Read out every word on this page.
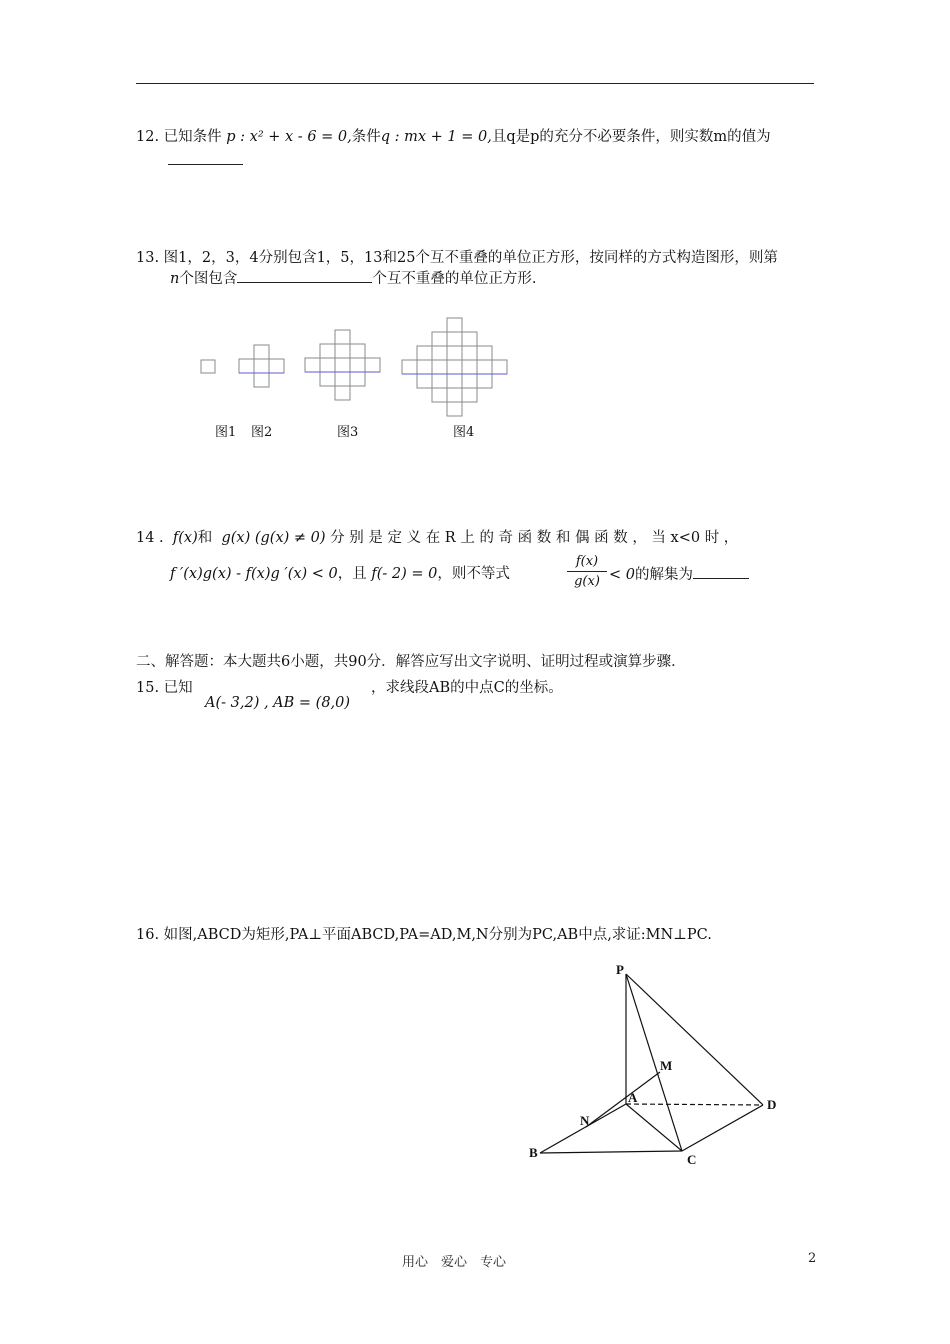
12. 已知条件 p : x² + x - 6 = 0,条件q : mx + 1 = 0,且q是p的充分不必要条件，则实数m的值为
13. 图1，2，3，4分别包含1，5，13和25个互不重叠的单位正方形，按同样的方式构造图形，则第
n个图包含	个互不重叠的单位正方形.
图1 图2	图3	图4
14 . f(x)和 g(x) (g(x) ≠ 0) 分 别 是 定 义 在 R 上 的 奇 函 数 和 偶 函 数 ， 当 x<0 时 ，
f ′(x)g(x) - f(x)g ′(x) < 0，且 f(- 2) = 0，则不等式	$\frac{f(x)}{g(x)} < 0$的解集为
二、解答题：本大题共6小题，共90分．解答应写出文字说明、证明过程或演算步骤．
15. 已知
A(- 3,2) , AB = (8,0)
，求线段AB的中点C的坐标。
16. 如图,ABCD为矩形,PA⊥平面ABCD,PA=AD,M,N分别为PC,AB中点,求证:MN⊥PC.
P
M
A	D
N
B	C
用心　爱心　专心	2
